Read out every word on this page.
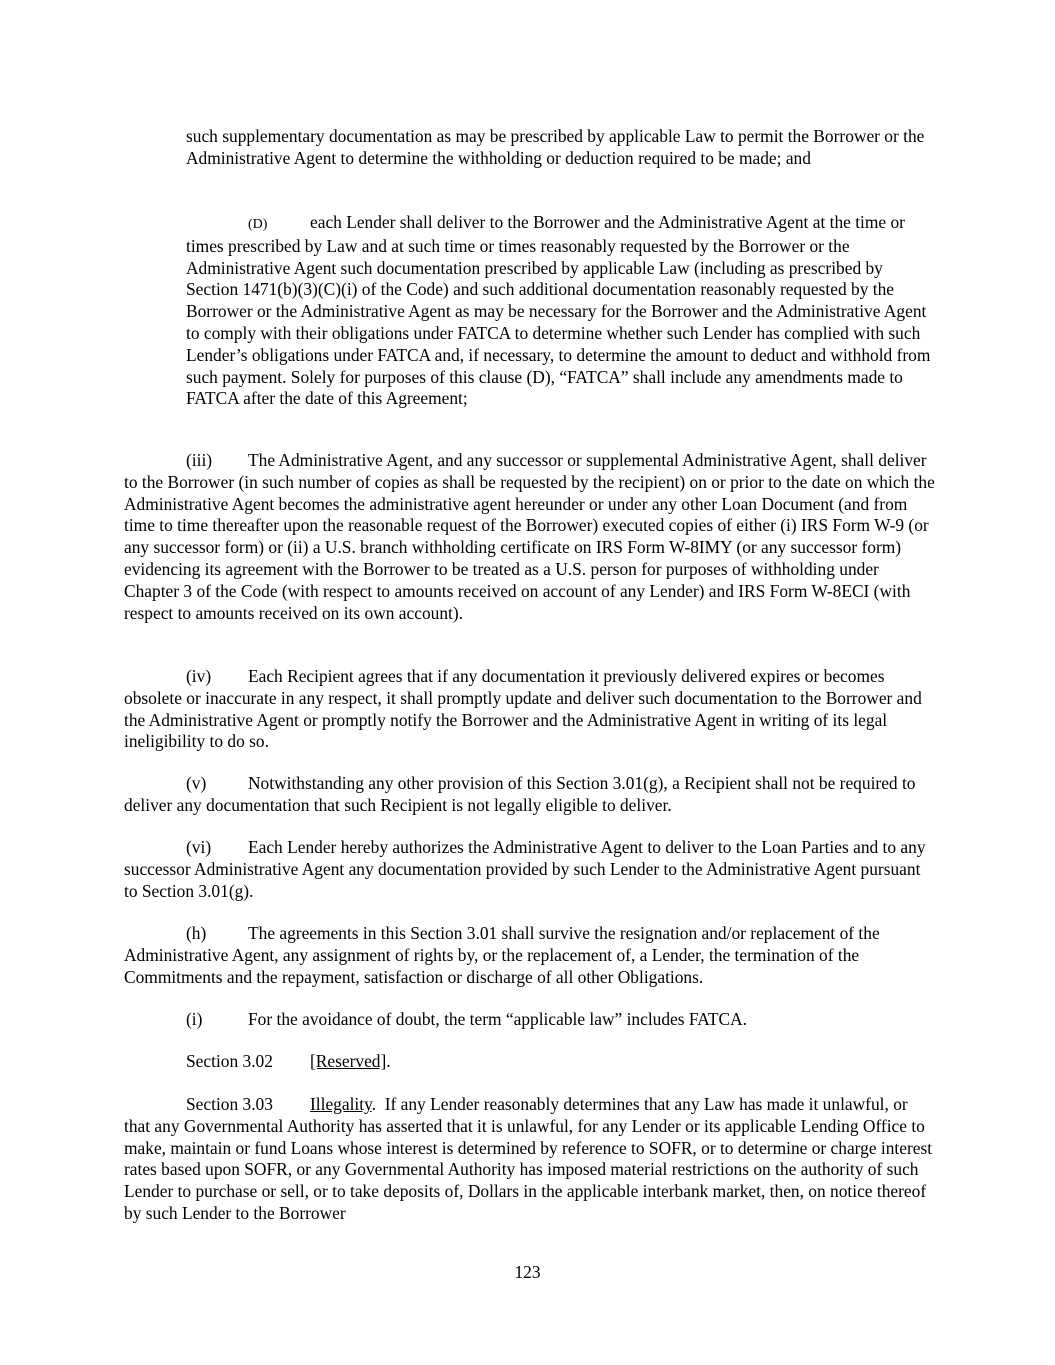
such supplementary documentation as may be prescribed by applicable Law to permit the Borrower or the Administrative Agent to determine the withholding or deduction required to be made; and

(D) each Lender shall deliver to the Borrower and the Administrative Agent at the time or times prescribed by Law and at such time or times reasonably requested by the Borrower or the Administrative Agent such documentation prescribed by applicable Law (including as prescribed by Section 1471(b)(3)(C)(i) of the Code) and such additional documentation reasonably requested by the Borrower or the Administrative Agent as may be necessary for the Borrower and the Administrative Agent to comply with their obligations under FATCA to determine whether such Lender has complied with such Lender’s obligations under FATCA and, if necessary, to determine the amount to deduct and withhold from such payment. Solely for purposes of this clause (D), “FATCA” shall include any amendments made to FATCA after the date of this Agreement;

(iii) The Administrative Agent, and any successor or supplemental Administrative Agent, shall deliver to the Borrower (in such number of copies as shall be requested by the recipient) on or prior to the date on which the Administrative Agent becomes the administrative agent hereunder or under any other Loan Document (and from time to time thereafter upon the reasonable request of the Borrower) executed copies of either (i) IRS Form W-9 (or any successor form) or (ii) a U.S. branch withholding certificate on IRS Form W-8IMY (or any successor form) evidencing its agreement with the Borrower to be treated as a U.S. person for purposes of withholding under Chapter 3 of the Code (with respect to amounts received on account of any Lender) and IRS Form W-8ECI (with respect to amounts received on its own account).

(iv) Each Recipient agrees that if any documentation it previously delivered expires or becomes obsolete or inaccurate in any respect, it shall promptly update and deliver such documentation to the Borrower and the Administrative Agent or promptly notify the Borrower and the Administrative Agent in writing of its legal ineligibility to do so.

(v) Notwithstanding any other provision of this Section 3.01(g), a Recipient shall not be required to deliver any documentation that such Recipient is not legally eligible to deliver.

(vi) Each Lender hereby authorizes the Administrative Agent to deliver to the Loan Parties and to any successor Administrative Agent any documentation provided by such Lender to the Administrative Agent pursuant to Section 3.01(g).

(h) The agreements in this Section 3.01 shall survive the resignation and/or replacement of the Administrative Agent, any assignment of rights by, or the replacement of, a Lender, the termination of the Commitments and the repayment, satisfaction or discharge of all other Obligations.

(i)	For the avoidance of doubt, the term “applicable law” includes FATCA.

Section 3.02 [Reserved].

Section 3.03 Illegality.  If any Lender reasonably determines that any Law has made it unlawful, or that any Governmental Authority has asserted that it is unlawful, for any Lender or its applicable Lending Office to make, maintain or fund Loans whose interest is determined by reference to SOFR, or to determine or charge interest rates based upon SOFR, or any Governmental Authority has imposed material restrictions on the authority of such Lender to purchase or sell, or to take deposits of, Dollars in the applicable interbank market, then, on notice thereof by such Lender to the Borrower

123
